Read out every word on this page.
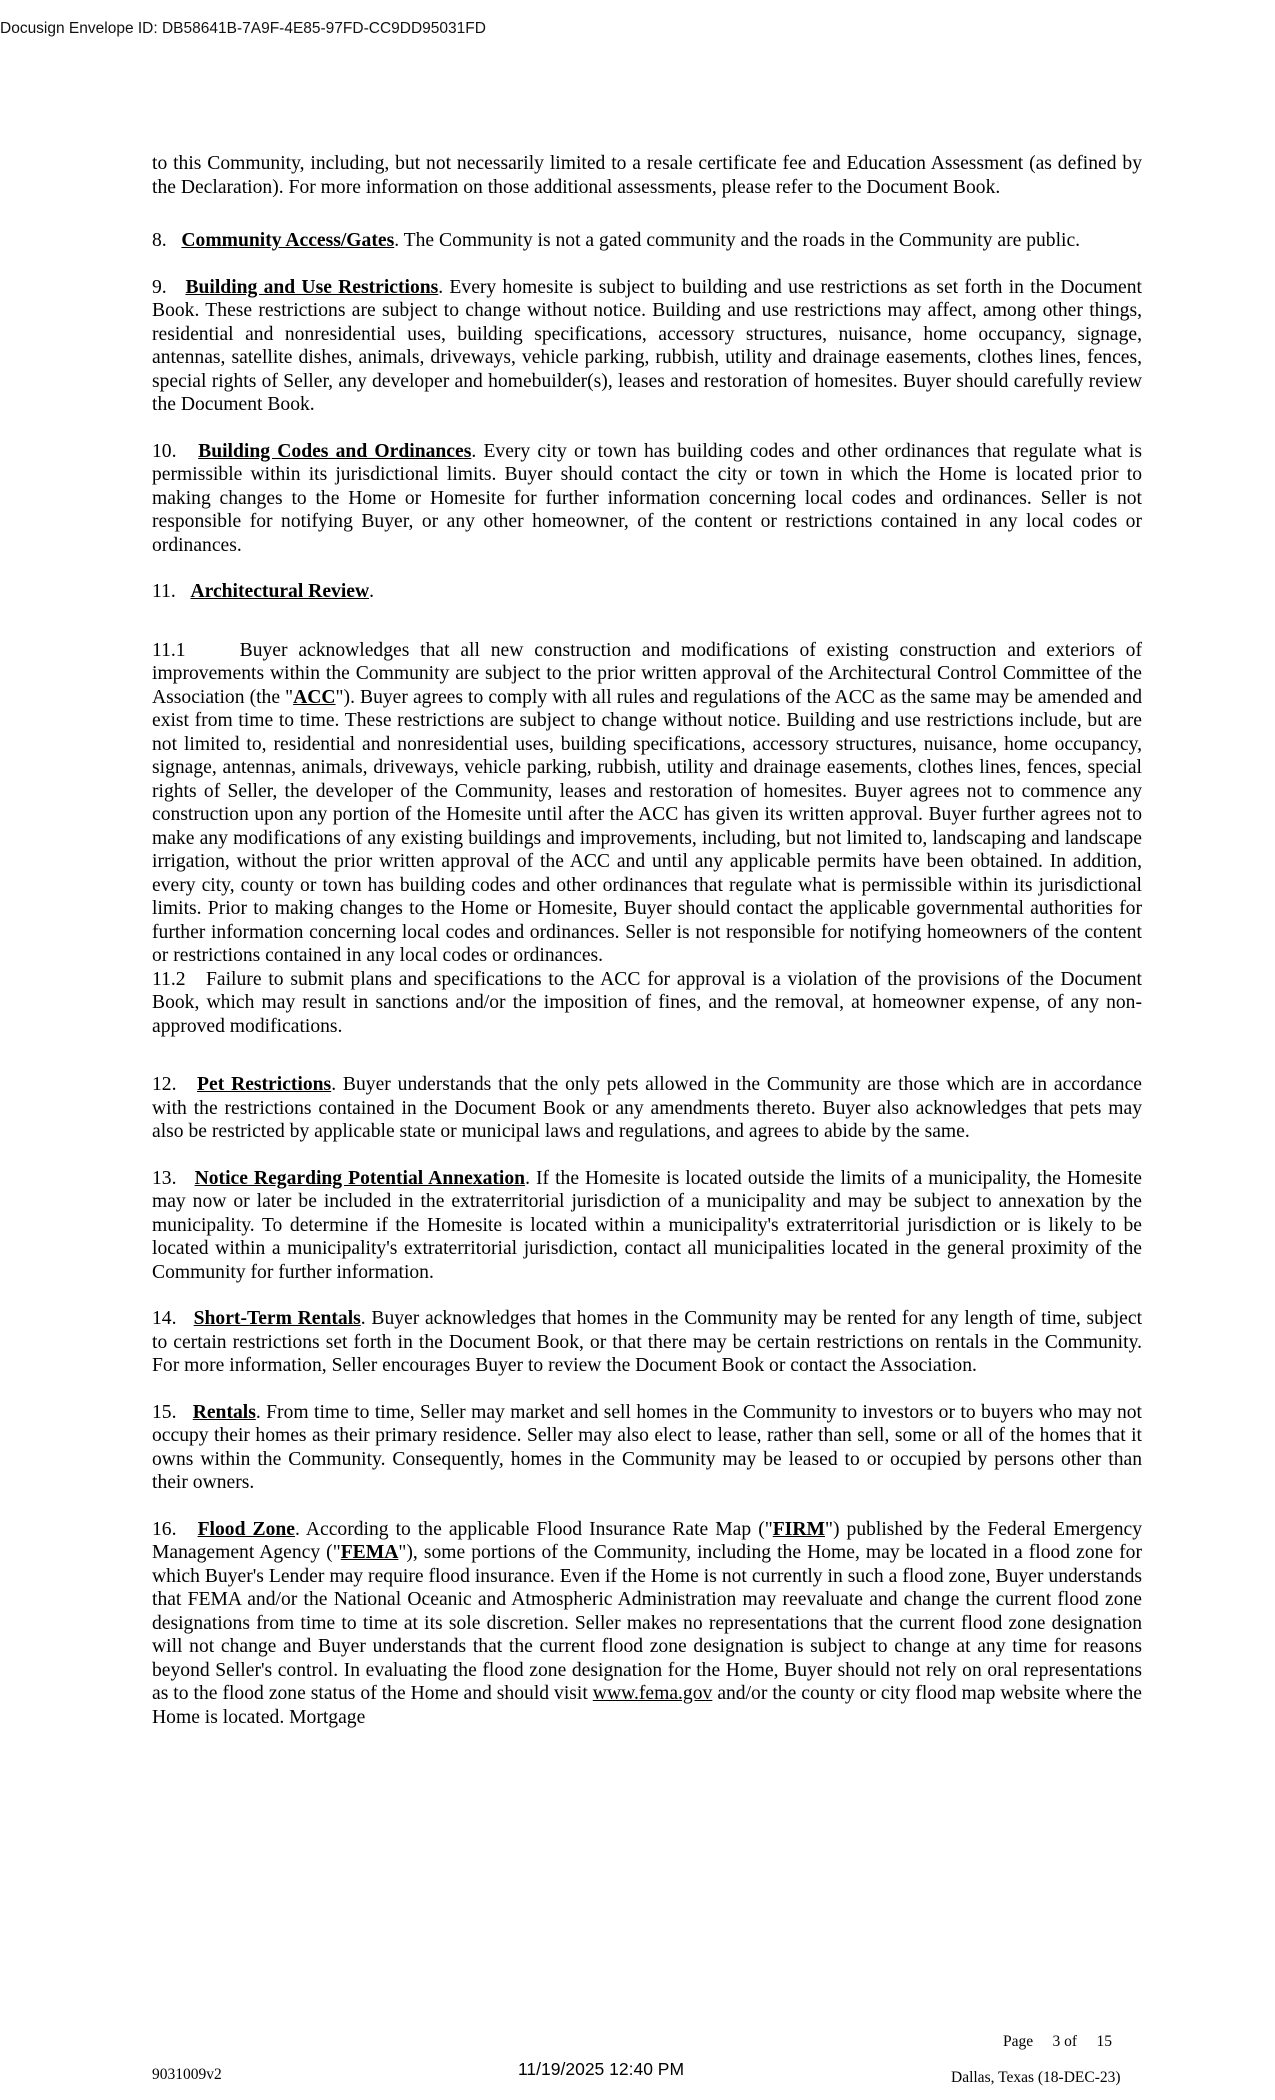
Docusign Envelope ID: DB58641B-7A9F-4E85-97FD-CC9DD95031FD

to this Community, including, but not necessarily limited to a resale certificate fee and Education Assessment (as defined by the Declaration). For more information on those additional assessments, please refer to the Document Book.

8. Community Access/Gates. The Community is not a gated community and the roads in the Community are public.

9. Building and Use Restrictions. Every homesite is subject to building and use restrictions as set forth in the Document Book. These restrictions are subject to change without notice. Building and use restrictions may affect, among other things, residential and nonresidential uses, building specifications, accessory structures, nuisance, home occupancy, signage, antennas, satellite dishes, animals, driveways, vehicle parking, rubbish, utility and drainage easements, clothes lines, fences, special rights of Seller, any developer and homebuilder(s), leases and restoration of homesites. Buyer should carefully review the Document Book.

10. Building Codes and Ordinances. Every city or town has building codes and other ordinances that regulate what is permissible within its jurisdictional limits. Buyer should contact the city or town in which the Home is located prior to making changes to the Home or Homesite for further information concerning local codes and ordinances. Seller is not responsible for notifying Buyer, or any other homeowner, of the content or restrictions contained in any local codes or ordinances.

11. Architectural Review.

11.1	Buyer acknowledges that all new construction and modifications of existing construction and exteriors of improvements within the Community are subject to the prior written approval of the Architectural Control Committee of the Association (the "ACC"). Buyer agrees to comply with all rules and regulations of the ACC as the same may be amended and exist from time to time. These restrictions are subject to change without notice. Building and use restrictions include, but are not limited to, residential and nonresidential uses, building specifications, accessory structures, nuisance, home occupancy, signage, antennas, animals, driveways, vehicle parking, rubbish, utility and drainage easements, clothes lines, fences, special rights of Seller, the developer of the Community, leases and restoration of homesites. Buyer agrees not to commence any construction upon any portion of the Homesite until after the ACC has given its written approval. Buyer further agrees not to make any modifications of any existing buildings and improvements, including, but not limited to, landscaping and landscape irrigation, without the prior written approval of the ACC and until any applicable permits have been obtained. In addition, every city, county or town has building codes and other ordinances that regulate what is permissible within its jurisdictional limits. Prior to making changes to the Home or Homesite, Buyer should contact the applicable governmental authorities for further information concerning local codes and ordinances. Seller is not responsible for notifying homeowners of the content or restrictions contained in any local codes or ordinances.

11.2 Failure to submit plans and specifications to the ACC for approval is a violation of the provisions of the Document Book, which may result in sanctions and/or the imposition of fines, and the removal, at homeowner expense, of any non-approved modifications.

12. Pet Restrictions. Buyer understands that the only pets allowed in the Community are those which are in accordance with the restrictions contained in the Document Book or any amendments thereto. Buyer also acknowledges that pets may also be restricted by applicable state or municipal laws and regulations, and agrees to abide by the same.

13. Notice Regarding Potential Annexation. If the Homesite is located outside the limits of a municipality, the Homesite may now or later be included in the extraterritorial jurisdiction of a municipality and may be subject to annexation by the municipality. To determine if the Homesite is located within a municipality's extraterritorial jurisdiction or is likely to be located within a municipality's extraterritorial jurisdiction, contact all municipalities located in the general proximity of the Community for further information.

14. Short-Term Rentals. Buyer acknowledges that homes in the Community may be rented for any length of time, subject to certain restrictions set forth in the Document Book, or that there may be certain restrictions on rentals in the Community. For more information, Seller encourages Buyer to review the Document Book or contact the Association.

15. Rentals. From time to time, Seller may market and sell homes in the Community to investors or to buyers who may not occupy their homes as their primary residence. Seller may also elect to lease, rather than sell, some or all of the homes that it owns within the Community. Consequently, homes in the Community may be leased to or occupied by persons other than their owners.

16. Flood Zone. According to the applicable Flood Insurance Rate Map ("FIRM") published by the Federal Emergency Management Agency ("FEMA"), some portions of the Community, including the Home, may be located in a flood zone for which Buyer's Lender may require flood insurance. Even if the Home is not currently in such a flood zone, Buyer understands that FEMA and/or the National Oceanic and Atmospheric Administration may reevaluate and change the current flood zone designations from time to time at its sole discretion. Seller makes no representations that the current flood zone designation will not change and Buyer understands that the current flood zone designation is subject to change at any time for reasons beyond Seller's control. In evaluating the flood zone designation for the Home, Buyer should not rely on oral representations as to the flood zone status of the Home and should visit www.fema.gov and/or the county or city flood map website where the Home is located. Mortgage

Page 3 of 15
9031009v2	11/19/2025 12:40 PM	Dallas, Texas (18-DEC-23)
